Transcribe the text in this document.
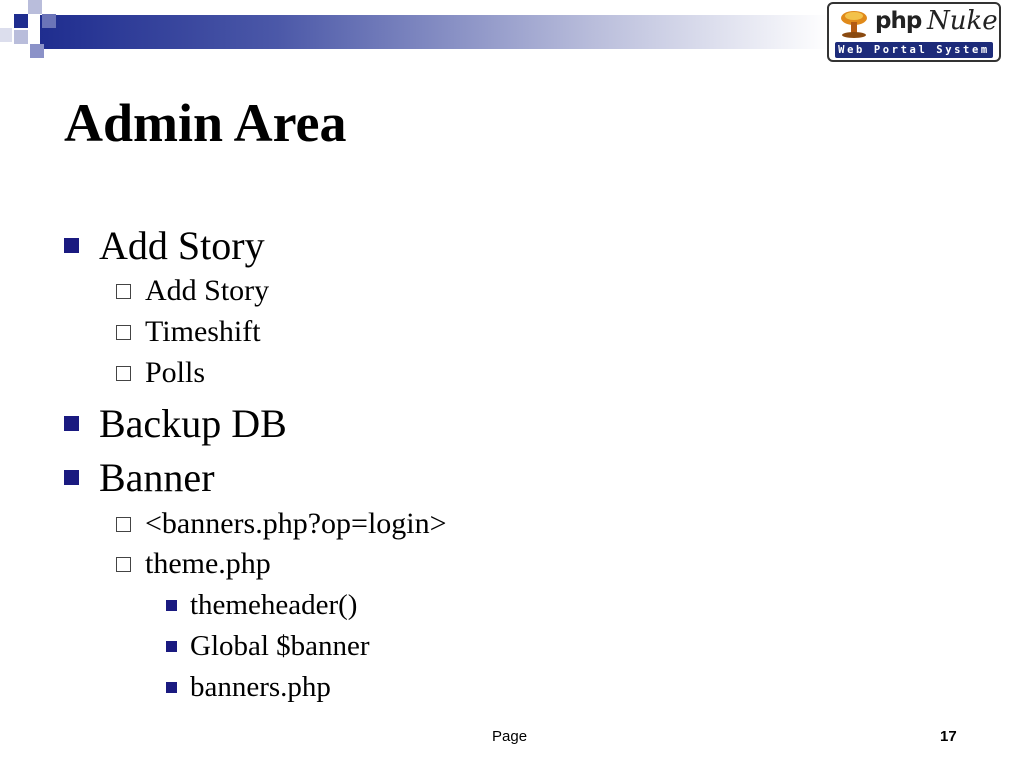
php Nuke
Web Portal System
Admin Area
Add Story
Add Story
Timeshift
Polls
Backup DB
Banner
<banners.php?op=login>
theme.php
themeheader()
Global $banner
banners.php
Page	17
